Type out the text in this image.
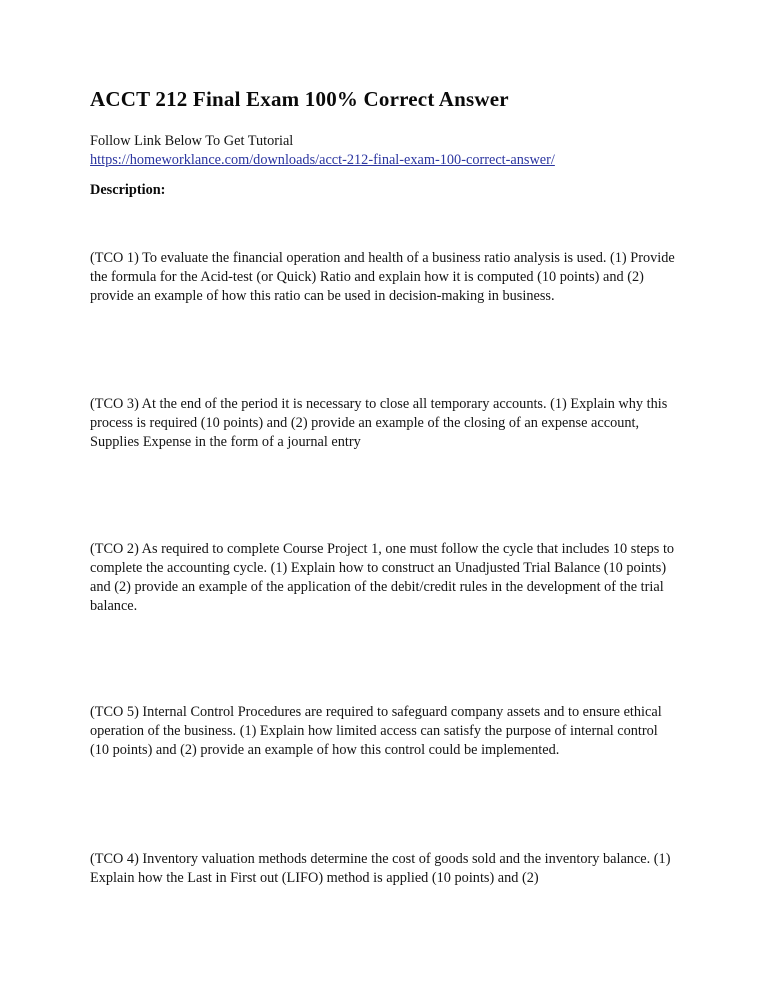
ACCT 212 Final Exam 100% Correct Answer

Follow Link Below To Get Tutorial
https://homeworklance.com/downloads/acct-212-final-exam-100-correct-answer/

Description:

(TCO 1) To evaluate the financial operation and health of a business ratio analysis is used. (1) Provide the formula for the Acid-test (or Quick) Ratio and explain how it is computed (10 points) and (2) provide an example of how this ratio can be used in decision-making in business.

(TCO 3) At the end of the period it is necessary to close all temporary accounts. (1) Explain why this process is required (10 points) and (2) provide an example of the closing of an expense account, Supplies Expense in the form of a journal entry

(TCO 2) As required to complete Course Project 1, one must follow the cycle that includes 10 steps to complete the accounting cycle. (1) Explain how to construct an Unadjusted Trial Balance (10 points) and (2) provide an example of the application of the debit/credit rules in the development of the trial balance.

(TCO 5) Internal Control Procedures are required to safeguard company assets and to ensure ethical operation of the business. (1) Explain how limited access can satisfy the purpose of internal control (10 points) and (2) provide an example of how this control could be implemented.

(TCO 4) Inventory valuation methods determine the cost of goods sold and the inventory balance. (1) Explain how the Last in First out (LIFO) method is applied (10 points) and (2)
